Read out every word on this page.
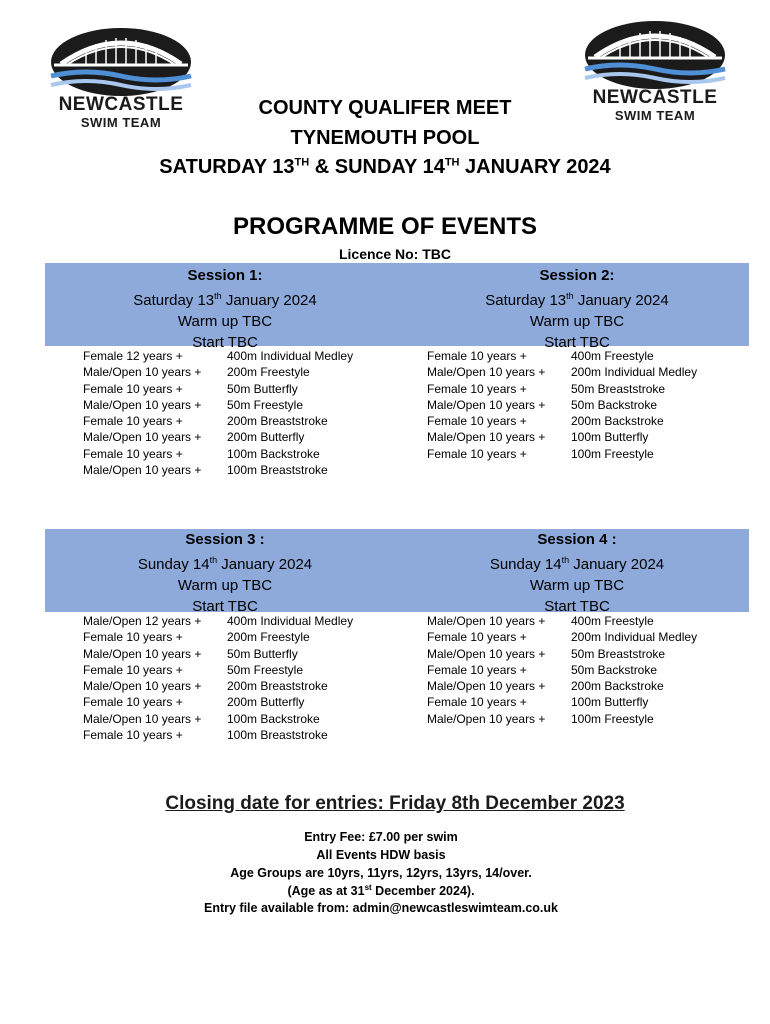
NEWCASTLE
SWIM TEAM
NEWCASTLE
SWIM TEAM
COUNTY QUALIFER MEET
TYNEMOUTH POOL
SATURDAY 13TH & SUNDAY 14TH JANUARY 2024
PROGRAMME OF EVENTS
Licence No: TBC
Session 1:
Saturday 13th January 2024
Warm up TBC
Start TBC
Session 2:
Saturday 13th January 2024
Warm up TBC
Start TBC
Session 3 :
Sunday 14th January 2024
Warm up TBC
Start TBC
Session 4 :
Sunday 14th January 2024
Warm up TBC
Start TBC
Female 12 years +	400m Individual Medley
Male/Open 10 years +	200m Freestyle
Female 10 years +	50m Butterfly
Male/Open 10 years +	50m Freestyle
Female 10 years +	200m Breaststroke
Male/Open 10 years +	200m Butterfly
Female 10 years +	100m Backstroke
Male/Open 10 years +	100m Breaststroke
Female 10 years +	400m Freestyle
Male/Open 10 years +	200m Individual Medley
Female 10 years +	50m Breaststroke
Male/Open 10 years +	50m Backstroke
Female 10 years +	200m Backstroke
Male/Open 10 years +	100m Butterfly
Female 10 years +	100m Freestyle
Male/Open 12 years +	400m Individual Medley
Female 10 years +	200m Freestyle
Male/Open 10 years +	50m Butterfly
Female 10 years +	50m Freestyle
Male/Open 10 years +	200m Breaststroke
Female 10 years +	200m Butterfly
Male/Open 10 years +	100m Backstroke
Female 10 years +	100m Breaststroke
Male/Open 10 years +	400m Freestyle
Female 10 years +	200m Individual Medley
Male/Open 10 years +	50m Breaststroke
Female 10 years +	50m Backstroke
Male/Open 10 years +	200m Backstroke
Female 10 years +	100m Butterfly
Male/Open 10 years +	100m Freestyle
Closing date for entries: Friday 8th December 2023
Entry Fee: £7.00 per swim
All Events HDW basis
Age Groups are 10yrs, 11yrs, 12yrs, 13yrs, 14/over.
(Age as at 31st December 2024).
Entry file available from: admin@newcastleswimteam.co.uk
